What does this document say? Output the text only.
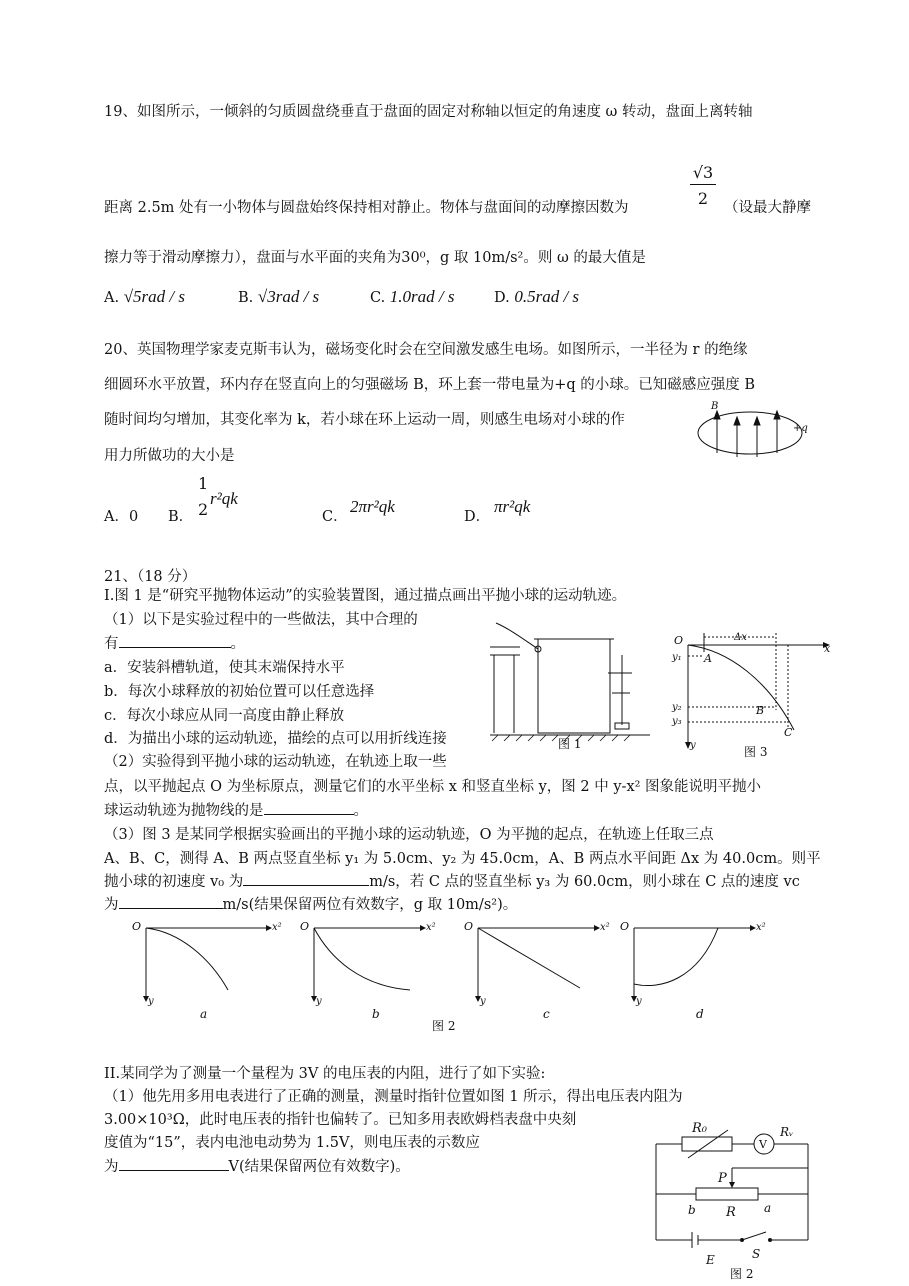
19、如图所示，一倾斜的匀质圆盘绕垂直于盘面的固定对称轴以恒定的角速度 ω 转动，盘面上离转轴
距离 2.5m 处有一小物体与圆盘始终保持相对静止。物体与盘面间的动摩擦因数为	$\frac{√3}{2}$ （设最大静摩
擦力等于滑动摩擦力），盘面与水平面的夹角为30⁰，g 取 10m/s²。则 ω 的最大值是
A. √5rad / s	B. √3rad / s	C. 1.0rad / s	D. 0.5rad / s
20、英国物理学家麦克斯韦认为，磁场变化时会在空间激发感生电场。如图所示，一半径为 r 的绝缘
细圆环水平放置，环内存在竖直向上的匀强磁场 B，环上套一带电量为+q 的小球。已知磁感应强度 B
随时间均匀增加，其变化率为 k，若小球在环上运动一周，则感生电场对小球的作
用力所做功的大小是
B
+q
A．0 B．
1
2
r²qk
C．
2πr²qk
D．
πr²qk
21、（18 分）
I.图 1 是“研究平抛物体运动”的实验装置图，通过描点画出平抛小球的运动轨迹。
（1）以下是实验过程中的一些做法，其中合理的
有	。
a．安装斜槽轨道，使其末端保持水平
b．每次小球释放的初始位置可以任意选择
c．每次小球应从同一高度由静止释放
d．为描出小球的运动轨迹，描绘的点可以用折线连接
（2）实验得到平抛小球的运动轨迹，在轨迹上取一些
点，以平抛起点 O 为坐标原点，测量它们的水平坐标 x 和竖直坐标 y，图 2 中 y-x² 图象能说明平抛小
球运动轨迹为抛物线的是	。
（3）图 3 是某同学根据实验画出的平抛小球的运动轨迹，O 为平抛的起点，在轨迹上任取三点
A、B、C，测得 A、B 两点竖直坐标 y₁ 为 5.0cm、y₂ 为 45.0cm，A、B 两点水平间距 Δx 为 40.0cm。则平
抛小球的初速度 v₀ 为	m/s，若 C 点的竖直坐标 y₃ 为 60.0cm，则小球在 C 点的速度 vc
为	m/s(结果保留两位有效数字，g 取 10m/s²)。
图 1
O
x
Δx
y₁
y₂
y₃
y
A
B
C
图 3
O	x²
y
O
y
x²	O	x²
y
O	x²
y
a	b	c	d
图 2
II.某同学为了测量一个量程为 3V 的电压表的内阻，进行了如下实验:
（1）他先用多用电表进行了正确的测量，测量时指针位置如图 1 所示，得出电压表内阻为
3.00×10³Ω，此时电压表的指针也偏转了。已知多用表欧姆档表盘中央刻
度值为“15”，表内电池电动势为 1.5V，则电压表的示数应
为	V(结果保留两位有效数字)。
R₀
V
Rᵥ
P
b R a
E	S
图 2
